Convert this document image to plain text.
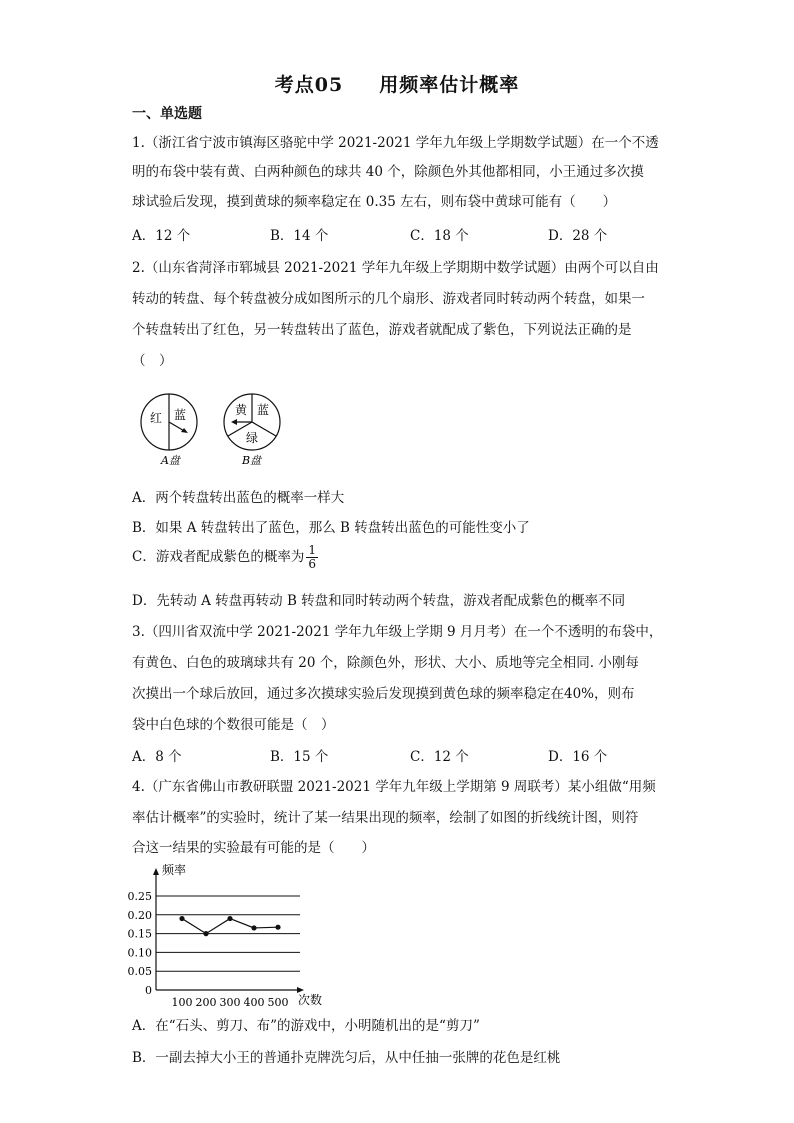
考点05 用频率估计概率
一、单选题
1.（浙江省宁波市镇海区骆驼中学 2021-2021 学年九年级上学期数学试题）在一个不透
明的布袋中装有黄、白两种颜色的球共 40 个，除颜色外其他都相同，小王通过多次摸
球试验后发现，摸到黄球的频率稳定在 0.35 左右，则布袋中黄球可能有（　　）
A．12 个	B．14 个	C．18 个	D．28 个
2.（山东省菏泽市郓城县 2021-2021 学年九年级上学期期中数学试题）由两个可以自由
转动的转盘、每个转盘被分成如图所示的几个扇形、游戏者同时转动两个转盘，如果一
个转盘转出了红色，另一转盘转出了蓝色，游戏者就配成了紫色，下列说法正确的是
（　）
红 蓝
A盘
黄 蓝
绿
B盘
A．两个转盘转出蓝色的概率一样大
B．如果 A 转盘转出了蓝色，那么 B 转盘转出蓝色的可能性变小了
C．游戏者配成紫色的概率为 $\frac{1}{6}$
D．先转动 A 转盘再转动 B 转盘和同时转动两个转盘，游戏者配成紫色的概率不同
3.（四川省双流中学 2021-2021 学年九年级上学期 9 月月考）在一个不透明的布袋中，
有黄色、白色的玻璃球共有 20 个，除颜色外，形状、大小、质地等完全相同. 小刚每
次摸出一个球后放回，通过多次摸球实验后发现摸到黄色球的频率稳定在40%，则布
袋中白色球的个数很可能是（　）
A．8 个	B．15 个	C．12 个	D．16 个
4.（广东省佛山市教研联盟 2021-2021 学年九年级上学期第 9 周联考）某小组做“用频
率估计概率”的实验时，统计了某一结果出现的频率，绘制了如图的折线统计图，则符
合这一结果的实验最有可能的是（　　）
频率
次数
0.25
0.20
0.15
0.10
0.05
0
100 200 300 400 500
A．在“石头、剪刀、布”的游戏中，小明随机出的是“剪刀”
B．一副去掉大小王的普通扑克牌洗匀后，从中任抽一张牌的花色是红桃
